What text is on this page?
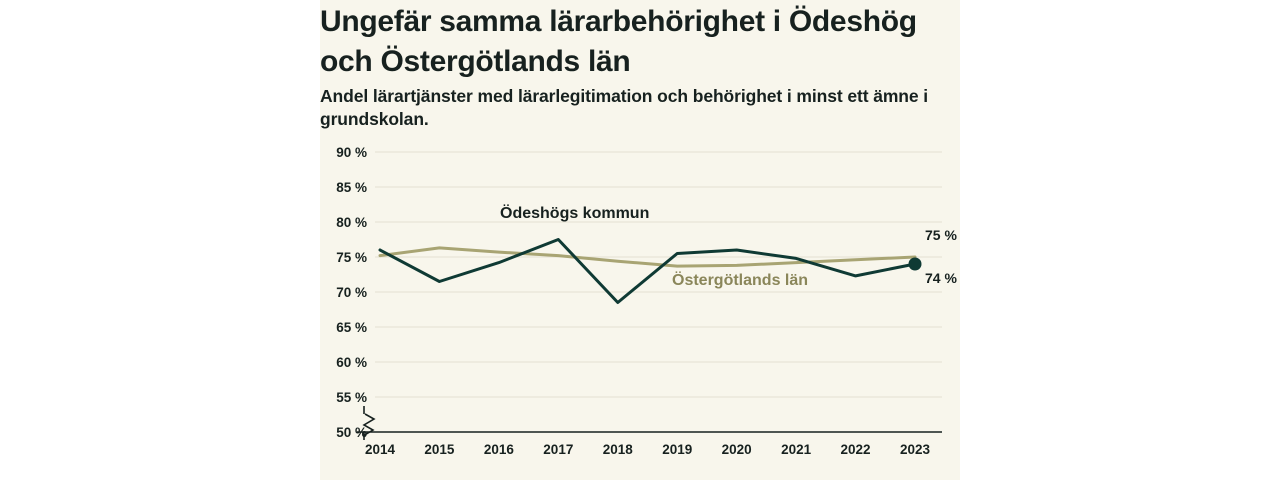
Ungefär samma lärarbehörighet i Ödeshög och Östergötlands län
Andel lärartjänster med lärarlegitimation och behörighet i minst ett ämne i grundskolan.
50 %
55 %
60 %
65 %
70 %
75 %
80 %
85 %
90 %
2014 2015 2016 2017 2018 2019 2020 2021 2022 2023
75 %
74 %
Ödeshögs kommun
Östergötlands län
